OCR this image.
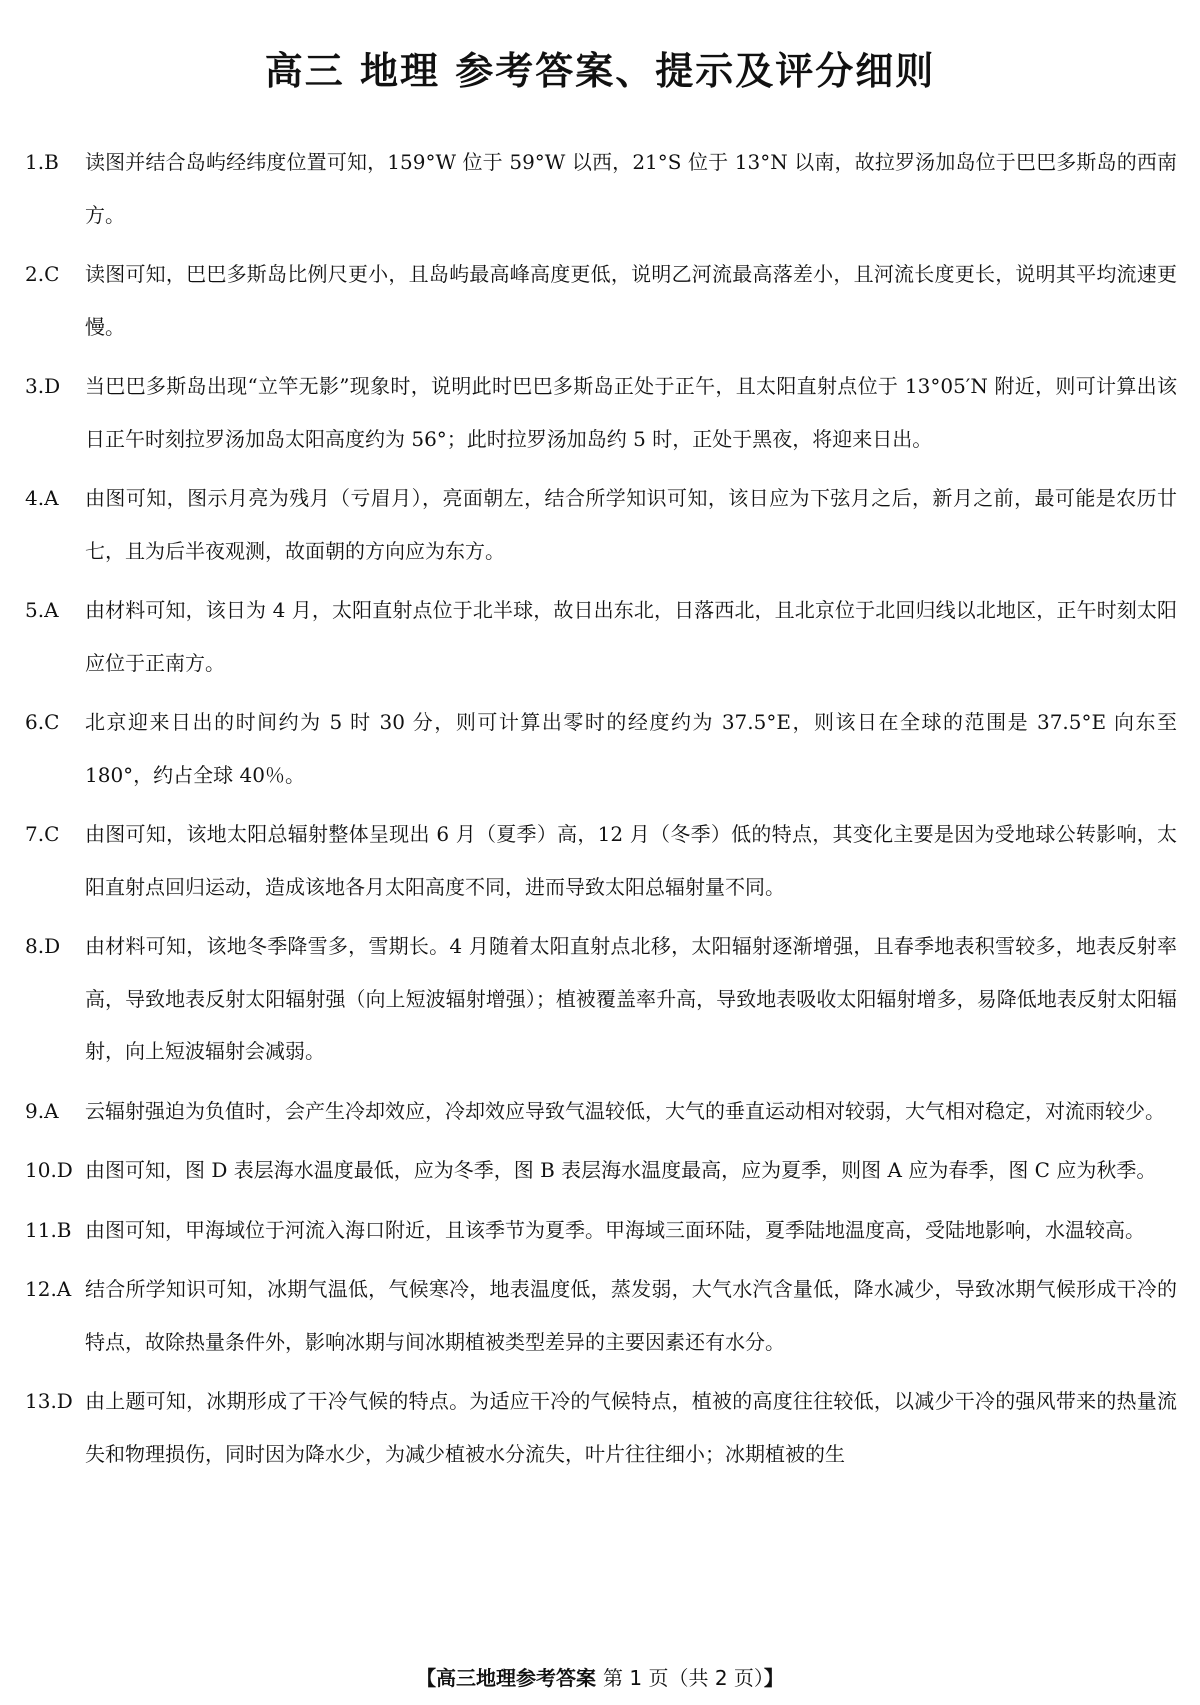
高三 地理 参考答案、提示及评分细则
1.B 读图并结合岛屿经纬度位置可知，159°W 位于 59°W 以西，21°S 位于 13°N 以南，故拉罗汤加岛位于巴巴多斯岛的西南方。
2.C 读图可知，巴巴多斯岛比例尺更小，且岛屿最高峰高度更低，说明乙河流最高落差小，且河流长度更长，说明其平均流速更慢。
3.D 当巴巴多斯岛出现“立竿无影”现象时，说明此时巴巴多斯岛正处于正午，且太阳直射点位于 13°05′N 附近，则可计算出该日正午时刻拉罗汤加岛太阳高度约为 56°；此时拉罗汤加岛约 5 时，正处于黑夜，将迎来日出。
4.A 由图可知，图示月亮为残月（亏眉月），亮面朝左，结合所学知识可知，该日应为下弦月之后，新月之前，最可能是农历廿七，且为后半夜观测，故面朝的方向应为东方。
5.A 由材料可知，该日为 4 月，太阳直射点位于北半球，故日出东北，日落西北，且北京位于北回归线以北地区，正午时刻太阳应位于正南方。
6.C 北京迎来日出的时间约为 5 时 30 分，则可计算出零时的经度约为 37.5°E，则该日在全球的范围是 37.5°E 向东至 180°，约占全球 40％。
7.C 由图可知，该地太阳总辐射整体呈现出 6 月（夏季）高，12 月（冬季）低的特点，其变化主要是因为受地球公转影响，太阳直射点回归运动，造成该地各月太阳高度不同，进而导致太阳总辐射量不同。
8.D 由材料可知，该地冬季降雪多，雪期长。4 月随着太阳直射点北移，太阳辐射逐渐增强，且春季地表积雪较多，地表反射率高，导致地表反射太阳辐射强（向上短波辐射增强）；植被覆盖率升高，导致地表吸收太阳辐射增多，易降低地表反射太阳辐射，向上短波辐射会减弱。
9.A 云辐射强迫为负值时，会产生冷却效应，冷却效应导致气温较低，大气的垂直运动相对较弱，大气相对稳定，对流雨较少。
10.D 由图可知，图 D 表层海水温度最低，应为冬季，图 B 表层海水温度最高，应为夏季，则图 A 应为春季，图 C 应为秋季。
11.B 由图可知，甲海域位于河流入海口附近，且该季节为夏季。甲海域三面环陆，夏季陆地温度高，受陆地影响，水温较高。
12.A 结合所学知识可知，冰期气温低，气候寒冷，地表温度低，蒸发弱，大气水汽含量低，降水减少，导致冰期气候形成干冷的特点，故除热量条件外，影响冰期与间冰期植被类型差异的主要因素还有水分。
13.D 由上题可知，冰期形成了干冷气候的特点。为适应干冷的气候特点，植被的高度往往较低，以减少干冷的强风带来的热量流失和物理损伤，同时因为降水少，为减少植被水分流失，叶片往往细小；冰期植被的生
【高三地理参考答案 第 1 页（共 2 页）】
